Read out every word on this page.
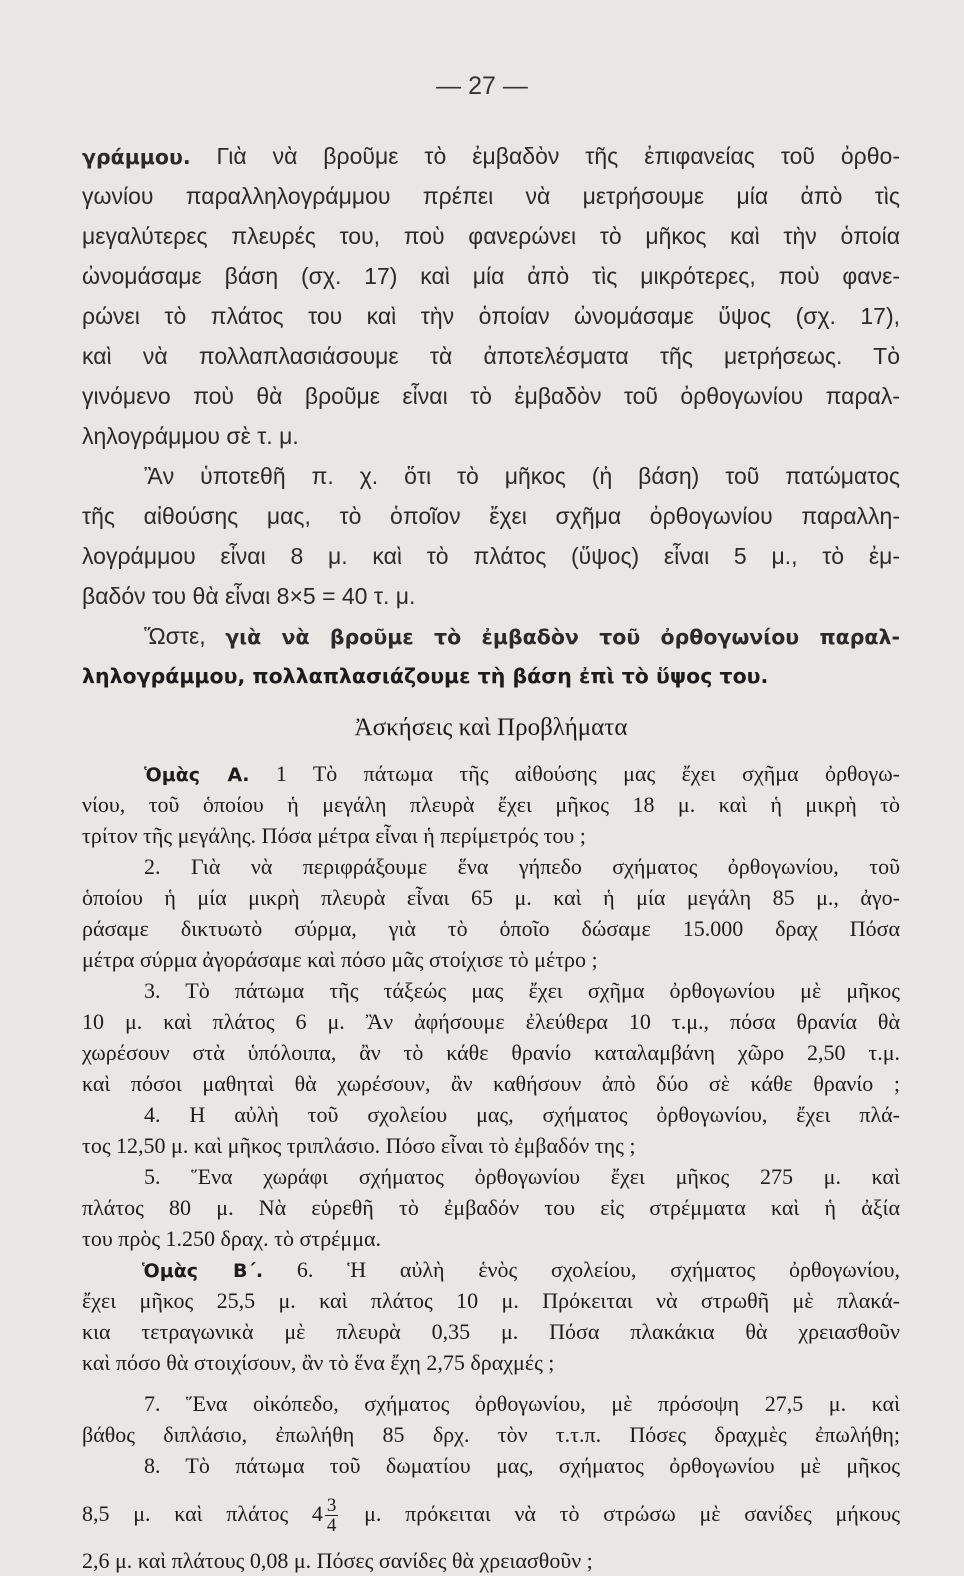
— 27 —
γράμμου. Γιὰ νὰ βροῦμε τὸ ἐμβαδὸν τῆς ἐπιφανείας τοῦ ὀρθο-
γωνίου παραλληλογράμμου πρέπει νὰ μετρήσουμε μία ἀπὸ τὶς
μεγαλύτερες πλευρές του, ποὺ φανερώνει τὸ μῆκος καὶ τὴν ὁποία
ὠνομάσαμε βάση (σχ. 17) καὶ μία ἀπὸ τὶς μικρότερες, ποὺ φανε-
ρώνει τὸ πλάτος του καὶ τὴν ὁποίαν ὠνομάσαμε ὕψος (σχ. 17),
καὶ νὰ πολλαπλασιάσουμε τὰ ἀποτελέσματα τῆς μετρήσεως. Τὸ
γινόμενο ποὺ θὰ βροῦμε εἶναι τὸ ἐμβαδὸν τοῦ ὀρθογωνίου παραλ-
ληλογράμμου σὲ τ. μ.
Ἂν ὑποτεθῆ π. χ. ὅτι τὸ μῆκος (ἡ βάση) τοῦ πατώματος
τῆς αἰθούσης μας, τὸ ὁποῖον ἔχει σχῆμα ὀρθογωνίου παραλλη-
λογράμμου εἶναι 8 μ. καὶ τὸ πλάτος (ὕψος) εἶναι 5 μ., τὸ ἐμ-
βαδόν του θὰ εἶναι 8×5 = 40 τ. μ.
Ὥστε, γιὰ νὰ βροῦμε τὸ ἐμβαδὸν τοῦ ὀρθογωνίου παραλ-
ληλογράμμου, πολλαπλασιάζουμε τὴ βάση ἐπὶ τὸ ὕψος του.
Ἀσκήσεις καὶ Προβλήματα
Ὁμὰς Α. 1 Τὸ πάτωμα τῆς αἰθούσης μας ἔχει σχῆμα ὀρθογω-
νίου, τοῦ ὁποίου ἡ μεγάλη πλευρὰ ἔχει μῆκος 18 μ. καὶ ἡ μικρὴ τὸ
τρίτον τῆς μεγάλης. Πόσα μέτρα εἶναι ἡ περίμετρός του ;
2. Γιὰ νὰ περιφράξουμε ἕνα γήπεδο σχήματος ὀρθογωνίου, τοῦ
ὁποίου ἡ μία μικρὴ πλευρὰ εἶναι 65 μ. καὶ ἡ μία μεγάλη 85 μ., ἀγο-
ράσαμε δικτυωτὸ σύρμα, γιὰ τὸ ὁποῖο δώσαμε 15.000 δραχ Πόσα
μέτρα σύρμα ἀγοράσαμε καὶ πόσο μᾶς στοίχισε τὸ μέτρο ;
3. Τὸ πάτωμα τῆς τάξεώς μας ἔχει σχῆμα ὀρθογωνίου μὲ μῆκος
10 μ. καὶ πλάτος 6 μ. Ἂν ἀφήσουμε ἐλεύθερα 10 τ.μ., πόσα θρανία θὰ
χωρέσουν στὰ ὑπόλοιπα, ἂν τὸ κάθε θρανίο καταλαμβάνη χῶρο 2,50 τ.μ.
καὶ πόσοι μαθηταὶ θὰ χωρέσουν, ἂν καθήσουν ἀπὸ δύο σὲ κάθε θρανίο ;
4. Η αὐλὴ τοῦ σχολείου μας, σχήματος ὀρθογωνίου, ἔχει πλά-
τος 12,50 μ. καὶ μῆκος τριπλάσιο. Πόσο εἶναι τὸ ἐμβαδόν της ;
5. Ἕνα χωράφι σχήματος ὀρθογωνίου ἔχει μῆκος 275 μ. καὶ
πλάτος 80 μ. Νὰ εὑρεθῆ τὸ ἐμβαδόν του εἰς στρέμματα καὶ ἡ ἀξία
του πρὸς 1.250 δραχ. τὸ στρέμμα.
Ὁμὰς Β΄. 6. Ἡ αὐλὴ ἑνὸς σχολείου, σχήματος ὀρθογωνίου,
ἔχει μῆκος 25,5 μ. καὶ πλάτος 10 μ. Πρόκειται νὰ στρωθῆ μὲ πλακά-
κια τετραγωνικὰ μὲ πλευρὰ 0,35 μ. Πόσα πλακάκια θὰ χρειασθοῦν
καὶ πόσο θὰ στοιχίσουν, ἂν τὸ ἕνα ἔχη 2,75 δραχμές ;
7. Ἕνα οἰκόπεδο, σχήματος ὀρθογωνίου, μὲ πρόσοψη 27,5 μ. καὶ
βάθος διπλάσιο, ἐπωλήθη 85 δρχ. τὸν τ.τ.π. Πόσες δραχμὲς ἐπωλήθη;
8. Τὸ πάτωμα τοῦ δωματίου μας, σχήματος ὀρθογωνίου μὲ μῆκος
8,5 μ. καὶ πλάτος $4 \frac{3}{4} \mu$. πρόκειται νὰ τὸ στρώσω μὲ σανίδες μήκους
2,6 μ. καὶ πλάτους 0,08 μ. Πόσες σανίδες θὰ χρειασθοῦν ;
